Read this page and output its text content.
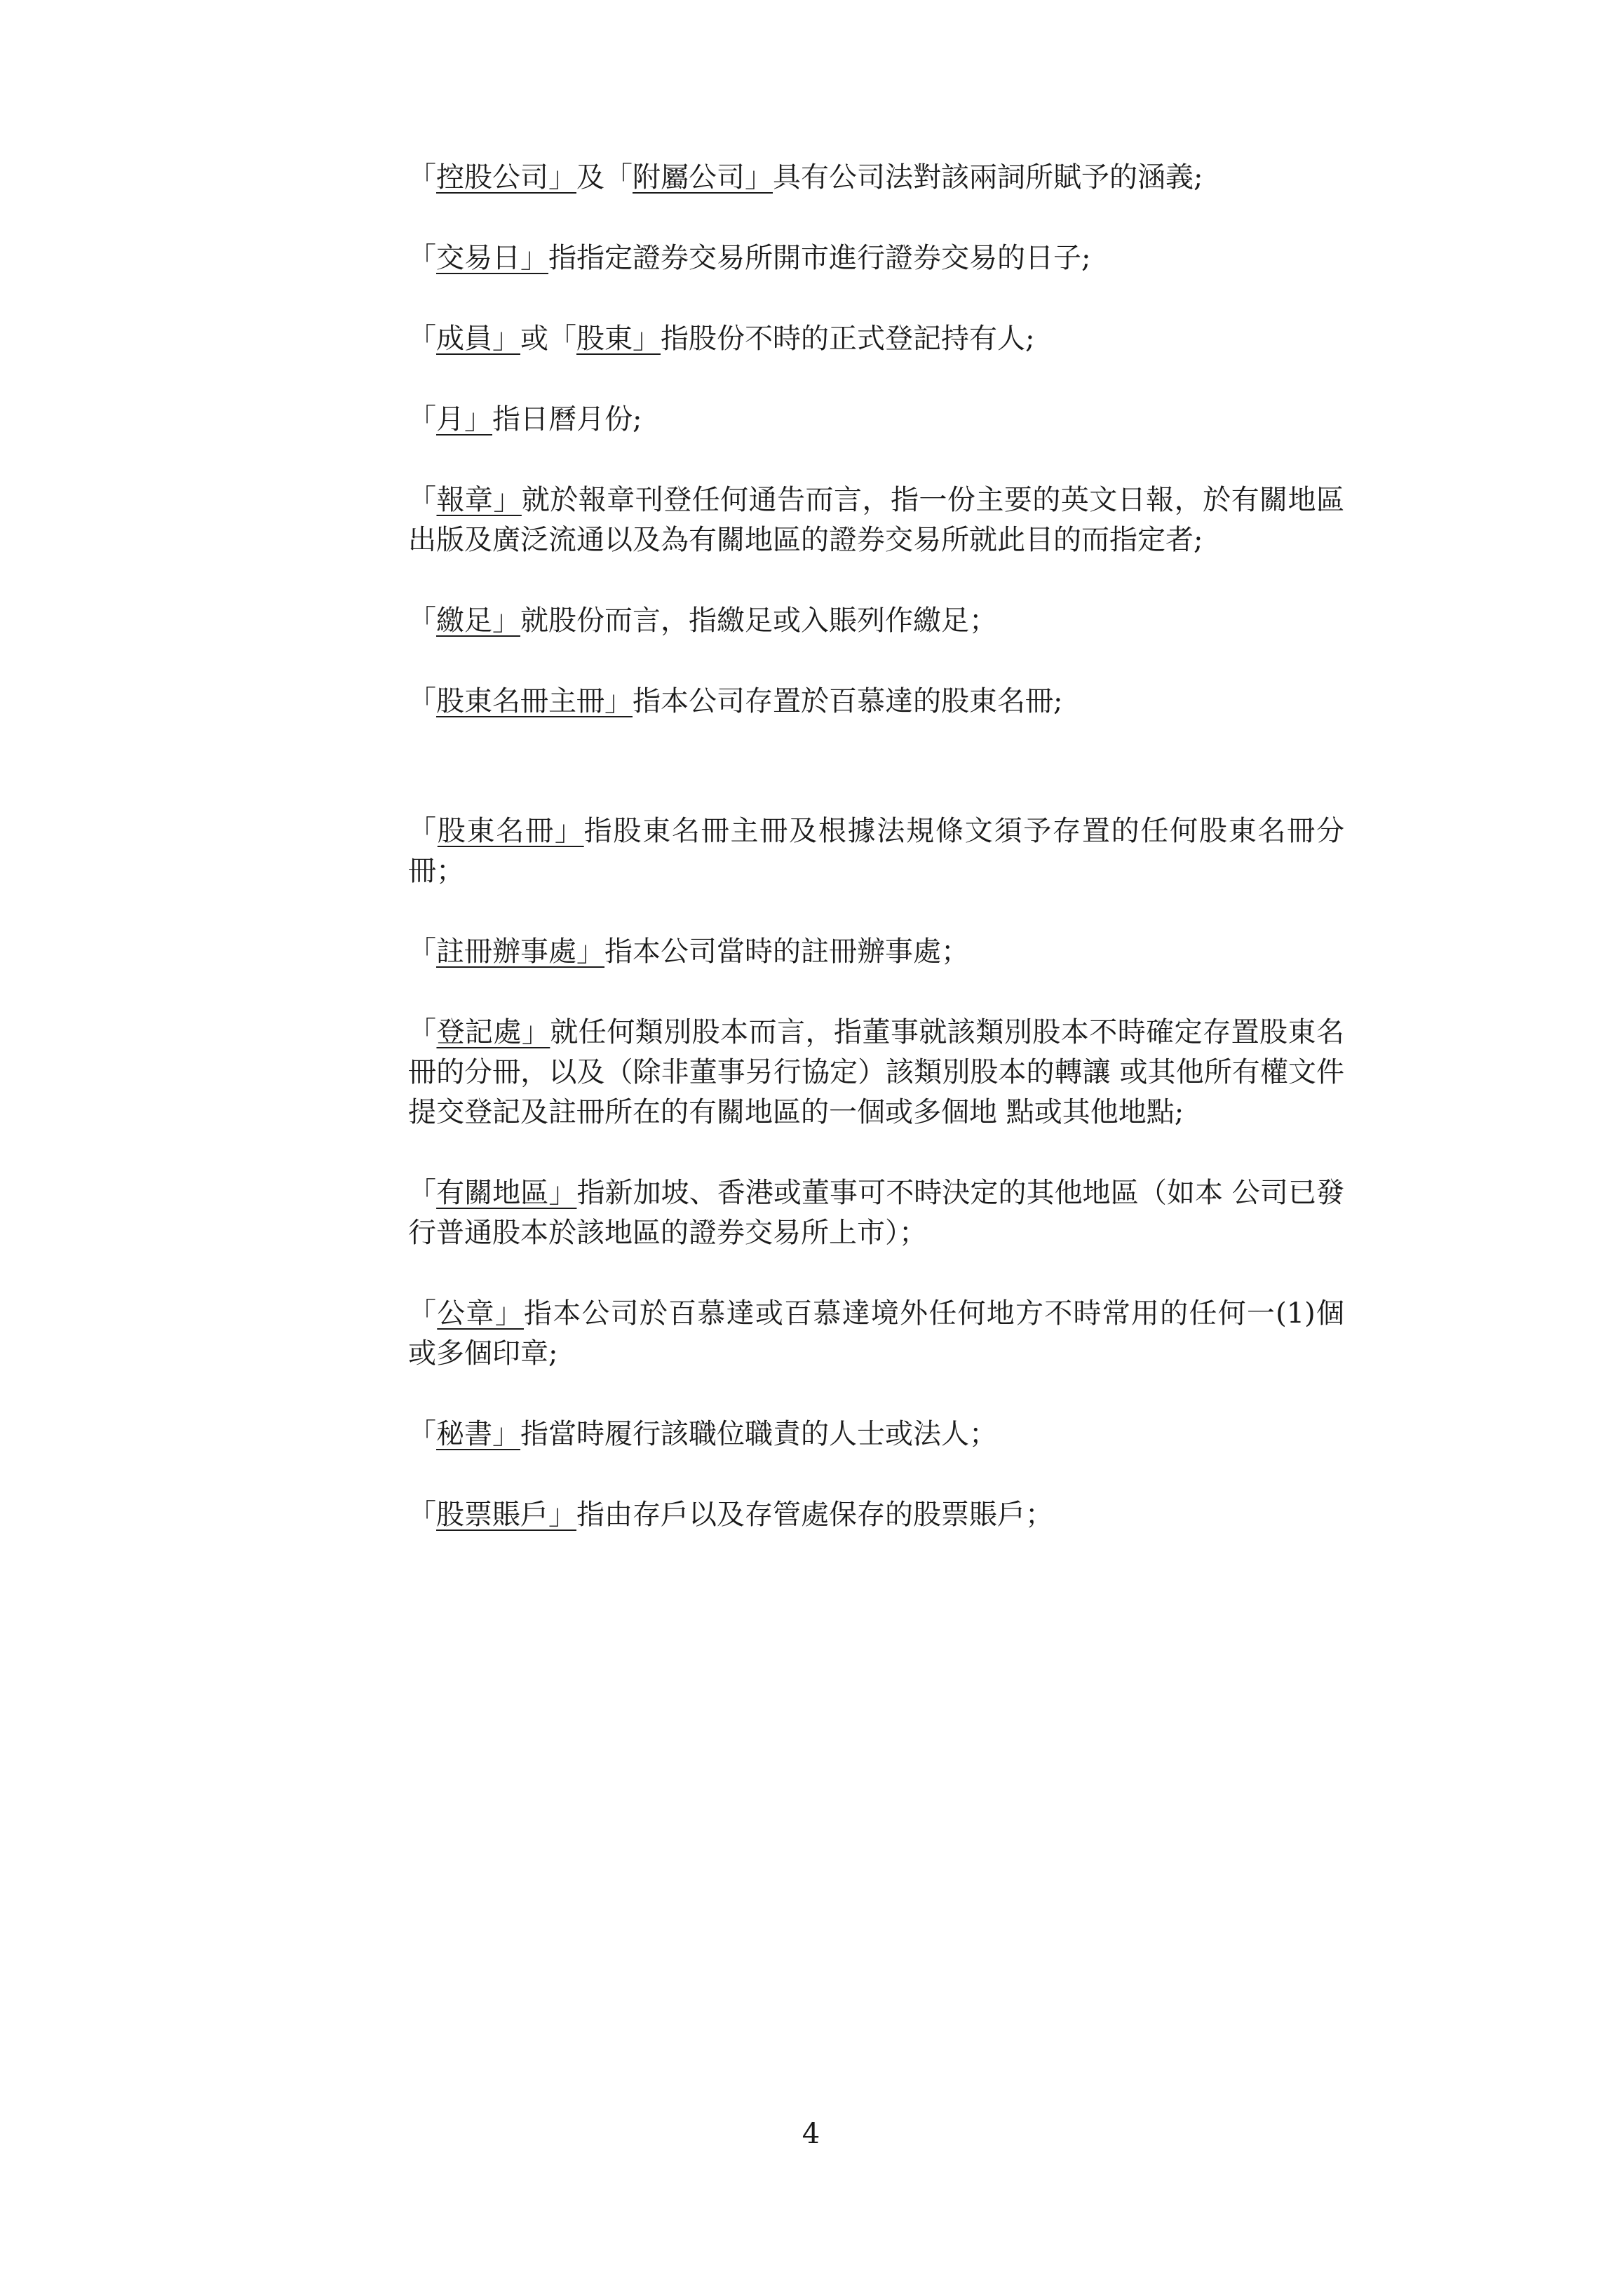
「控股公司」及「附屬公司」具有公司法對該兩詞所賦予的涵義;

「交易日」指指定證券交易所開市進行證券交易的日子;

「成員」或「股東」指股份不時的正式登記持有人;

「月」指日曆月份;

「報章」就於報章刊登任何通告而言，指一份主要的英文日報，於有關地區出版及廣泛流通以及為有關地區的證券交易所就此目的而指定者;

「繳足」就股份而言，指繳足或入賬列作繳足；

「股東名冊主冊」指本公司存置於百慕達的股東名冊;

「股東名冊」指股東名冊主冊及根據法規條文須予存置的任何股東名冊分冊；

「註冊辦事處」指本公司當時的註冊辦事處；

「登記處」就任何類別股本而言，指董事就該類別股本不時確定存置股東名冊的分冊，以及（除非董事另行協定）該類別股本的轉讓 或其他所有權文件提交登記及註冊所在的有關地區的一個或多個地 點或其他地點;

「有關地區」指新加坡、香港或董事可不時決定的其他地區（如本 公司已發行普通股本於該地區的證券交易所上市）；

「公章」指本公司於百慕達或百慕達境外任何地方不時常用的任何一(1)個或多個印章;

「秘書」指當時履行該職位職責的人士或法人；

「股票賬戶」指由存戶以及存管處保存的股票賬戶；

4
